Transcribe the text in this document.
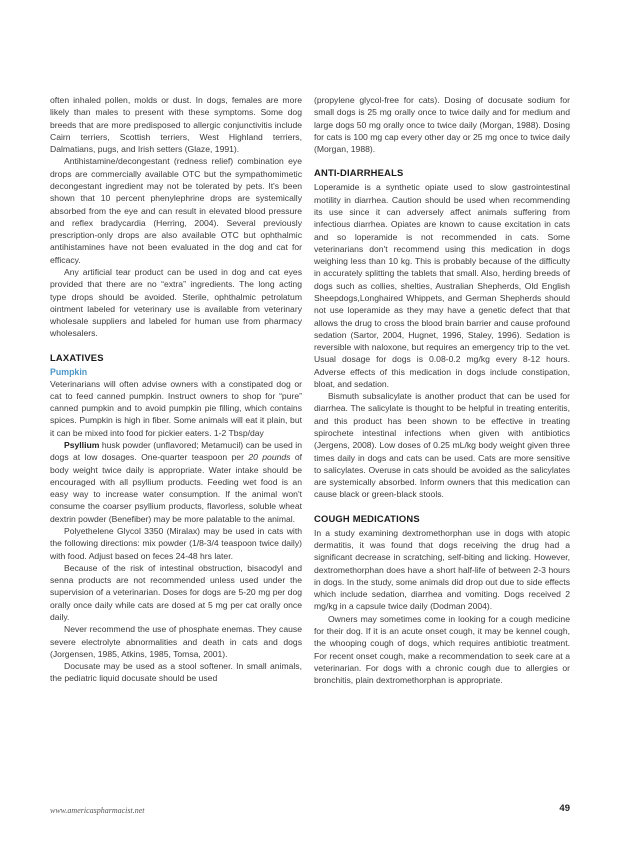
often inhaled pollen, molds or dust. In dogs, females are more likely than males to present with these symptoms. Some dog breeds that are more predisposed to allergic conjunctivitis include Cairn terriers, Scottish terriers, West Highland terriers, Dalmatians, pugs, and Irish setters (Glaze, 1991).

Antihistamine/decongestant (redness relief) combination eye drops are commercially available OTC but the sympathomimetic decongestant ingredient may not be tolerated by pets. It's been shown that 10 percent phenylephrine drops are systemically absorbed from the eye and can result in elevated blood pressure and reflex bradycardia (Herring, 2004). Several previously prescription-only drops are also available OTC but ophthalmic antihistamines have not been evaluated in the dog and cat for efficacy.

Any artificial tear product can be used in dog and cat eyes provided that there are no “extra” ingredients. The long acting type drops should be avoided. Sterile, ophthalmic petrolatum ointment labeled for veterinary use is available from veterinary wholesale suppliers and labeled for human use from pharmacy wholesalers.

LAXATIVES
Pumpkin

Veterinarians will often advise owners with a constipated dog or cat to feed canned pumpkin. Instruct owners to shop for “pure” canned pumpkin and to avoid pumpkin pie filling, which contains spices. Pumpkin is high in fiber. Some animals will eat it plain, but it can be mixed into food for pickier eaters. 1-2 Tbsp/day

Psyllium husk powder (unflavored; Metamucil) can be used in dogs at low dosages. One-quarter teaspoon per 20 pounds of body weight twice daily is appropriate. Water intake should be encouraged with all psyllium products. Feeding wet food is an easy way to increase water consumption. If the animal won't consume the coarser psyllium products, flavorless, soluble wheat dextrin powder (Benefiber) may be more palatable to the animal.

Polyethelene Glycol 3350 (Miralax) may be used in cats with the following directions: mix powder (1/8-3/4 teaspoon twice daily) with food. Adjust based on feces 24-48 hrs later.

Because of the risk of intestinal obstruction, bisacodyl and senna products are not recommended unless used under the supervision of a veterinarian. Doses for dogs are 5-20 mg per dog orally once daily while cats are dosed at 5 mg per cat orally once daily.

Never recommend the use of phosphate enemas. They cause severe electrolyte abnormalities and death in cats and dogs (Jorgensen, 1985, Atkins, 1985, Tomsa, 2001).

Docusate may be used as a stool softener. In small animals, the pediatric liquid docusate should be used

(propylene glycol-free for cats). Dosing of docusate sodium for small dogs is 25 mg orally once to twice daily and for medium and large dogs 50 mg orally once to twice daily (Morgan, 1988). Dosing for cats is 100 mg cap every other day or 25 mg once to twice daily (Morgan, 1988).

ANTI-DIARRHEALS

Loperamide is a synthetic opiate used to slow gastrointestinal motility in diarrhea. Caution should be used when recommending its use since it can adversely affect animals suffering from infectious diarrhea. Opiates are known to cause excitation in cats and so loperamide is not recommended in cats. Some veterinarians don't recommend using this medication in dogs weighing less than 10 kg. This is probably because of the difficulty in accurately splitting the tablets that small. Also, herding breeds of dogs such as collies, shelties, Australian Shepherds, Old English Sheepdogs,Longhaired Whippets, and German Shepherds should not use loperamide as they may have a genetic defect that that allows the drug to cross the blood brain barrier and cause profound sedation (Sartor, 2004, Hugnet, 1996, Staley, 1996). Sedation is reversible with naloxone, but requires an emergency trip to the vet. Usual dosage for dogs is 0.08-0.2 mg/kg every 8-12 hours. Adverse effects of this medication in dogs include constipation, bloat, and sedation.

Bismuth subsalicylate is another product that can be used for diarrhea. The salicylate is thought to be helpful in treating enteritis, and this product has been shown to be effective in treating spirochete intestinal infections when given with antibiotics (Jergens, 2008). Low doses of 0.25 mL/kg body weight given three times daily in dogs and cats can be used. Cats are more sensitive to salicylates. Overuse in cats should be avoided as the salicylates are systemically absorbed. Inform owners that this medication can cause black or green-black stools.

COUGH MEDICATIONS

In a study examining dextromethorphan use in dogs with atopic dermatitis, it was found that dogs receiving the drug had a significant decrease in scratching, self-biting and licking. However, dextromethorphan does have a short half-life of between 2-3 hours in dogs. In the study, some animals did drop out due to side effects which include sedation, diarrhea and vomiting. Dogs received 2 mg/kg in a capsule twice daily (Dodman 2004).

Owners may sometimes come in looking for a cough medicine for their dog. If it is an acute onset cough, it may be kennel cough, the whooping cough of dogs, which requires antibiotic treatment. For recent onset cough, make a recommendation to seek care at a veterinarian. For dogs with a chronic cough due to allergies or bronchitis, plain dextromethorphan is appropriate.

www.americaspharmacist.net	49
